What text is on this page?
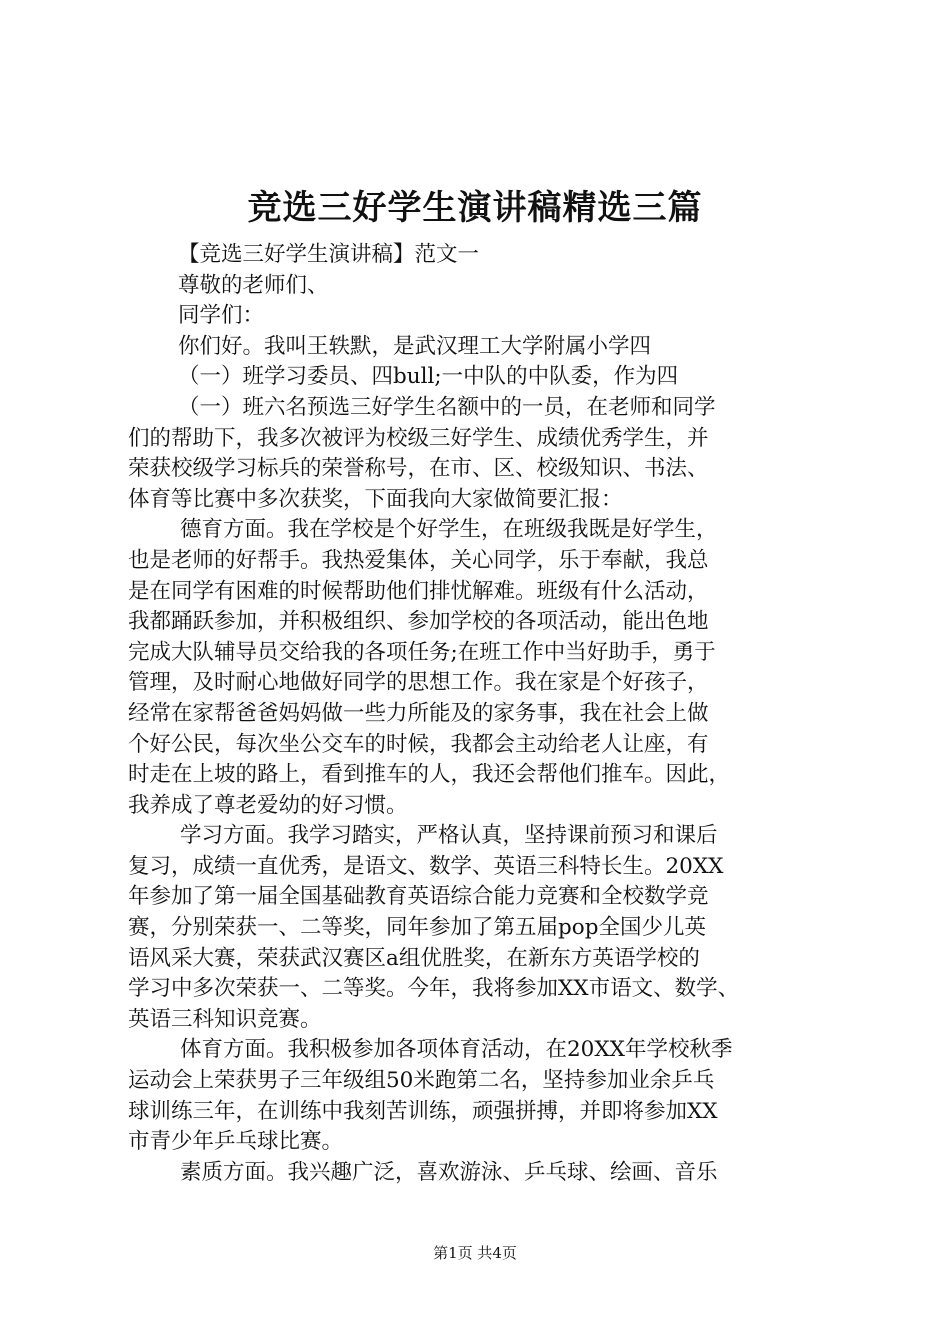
竞选三好学生演讲稿精选三篇

【竞选三好学生演讲稿】范文一

尊敬的老师们、

同学们：

你们好。我叫王轶默，是武汉理工大学附属小学四

（一）班学习委员、四bull;一中队的中队委，作为四

（一）班六名预选三好学生名额中的一员，在老师和同学

们的帮助下，我多次被评为校级三好学生、成绩优秀学生，并

荣获校级学习标兵的荣誉称号，在市、区、校级知识、书法、

体育等比赛中多次获奖，下面我向大家做简要汇报：

德育方面。我在学校是个好学生，在班级我既是好学生，

也是老师的好帮手。我热爱集体，关心同学，乐于奉献，我总

是在同学有困难的时候帮助他们排忧解难。班级有什么活动，

我都踊跃参加，并积极组织、参加学校的各项活动，能出色地

完成大队辅导员交给我的各项任务;在班工作中当好助手，勇于

管理，及时耐心地做好同学的思想工作。我在家是个好孩子，

经常在家帮爸爸妈妈做一些力所能及的家务事，我在社会上做

个好公民，每次坐公交车的时候，我都会主动给老人让座，有

时走在上坡的路上，看到推车的人，我还会帮他们推车。因此，

我养成了尊老爱幼的好习惯。

学习方面。我学习踏实，严格认真，坚持课前预习和课后

复习，成绩一直优秀，是语文、数学、英语三科特长生。20XX

年参加了第一届全国基础教育英语综合能力竞赛和全校数学竞

赛，分别荣获一、二等奖，同年参加了第五届pop全国少儿英

语风采大赛，荣获武汉赛区a组优胜奖，在新东方英语学校的

学习中多次荣获一、二等奖。今年，我将参加XX市语文、数学、

英语三科知识竞赛。

体育方面。我积极参加各项体育活动，在20XX年学校秋季

运动会上荣获男子三年级组50米跑第二名，坚持参加业余乒乓

球训练三年，在训练中我刻苦训练，顽强拼搏，并即将参加XX

市青少年乒乓球比赛。

素质方面。我兴趣广泛，喜欢游泳、乒乓球、绘画、音乐

第1页 共4页
